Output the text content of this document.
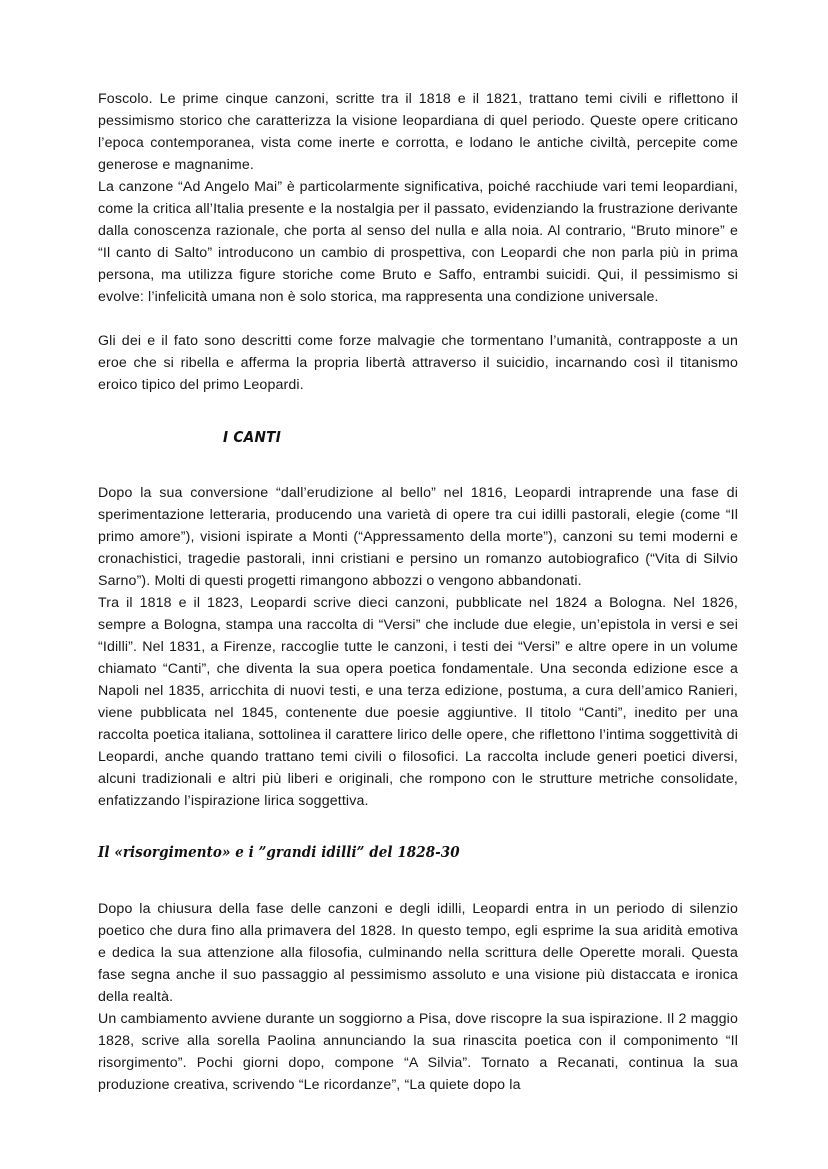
Foscolo. Le prime cinque canzoni, scritte tra il 1818 e il 1821, trattano temi civili e riflettono il pessimismo storico che caratterizza la visione leopardiana di quel periodo. Queste opere criticano l’epoca contemporanea, vista come inerte e corrotta, e lodano le antiche civiltà, percepite come generose e magnanime.

La canzone “Ad Angelo Mai” è particolarmente significativa, poiché racchiude vari temi leopardiani, come la critica all’Italia presente e la nostalgia per il passato, evidenziando la frustrazione derivante dalla conoscenza razionale, che porta al senso del nulla e alla noia. Al contrario, “Bruto minore” e “Il canto di Salto” introducono un cambio di prospettiva, con Leopardi che non parla più in prima persona, ma utilizza figure storiche come Bruto e Saffo, entrambi suicidi. Qui, il pessimismo si evolve: l’infelicità umana non è solo storica, ma rappresenta una condizione universale.

Gli dei e il fato sono descritti come forze malvagie che tormentano l’umanità, contrapposte a un eroe che si ribella e afferma la propria libertà attraverso il suicidio, incarnando così il titanismo eroico tipico del primo Leopardi.

I CANTI

Dopo la sua conversione “dall’erudizione al bello” nel 1816, Leopardi intraprende una fase di sperimentazione letteraria, producendo una varietà di opere tra cui idilli pastorali, elegie (come “Il primo amore”), visioni ispirate a Monti (“Appressamento della morte”), canzoni su temi moderni e cronachistici, tragedie pastorali, inni cristiani e persino un romanzo autobiografico (“Vita di Silvio Sarno”). Molti di questi progetti rimangono abbozzi o vengono abbandonati.

Tra il 1818 e il 1823, Leopardi scrive dieci canzoni, pubblicate nel 1824 a Bologna. Nel 1826, sempre a Bologna, stampa una raccolta di “Versi” che include due elegie, un’epistola in versi e sei “Idilli”. Nel 1831, a Firenze, raccoglie tutte le canzoni, i testi dei “Versi” e altre opere in un volume chiamato “Canti”, che diventa la sua opera poetica fondamentale. Una seconda edizione esce a Napoli nel 1835, arricchita di nuovi testi, e una terza edizione, postuma, a cura dell’amico Ranieri, viene pubblicata nel 1845, contenente due poesie aggiuntive. Il titolo “Canti”, inedito per una raccolta poetica italiana, sottolinea il carattere lirico delle opere, che riflettono l’intima soggettività di Leopardi, anche quando trattano temi civili o filosofici. La raccolta include generi poetici diversi, alcuni tradizionali e altri più liberi e originali, che rompono con le strutture metriche consolidate, enfatizzando l’ispirazione lirica soggettiva.

Il «risorgimento» e i ”grandi idilli” del 1828-30

Dopo la chiusura della fase delle canzoni e degli idilli, Leopardi entra in un periodo di silenzio poetico che dura fino alla primavera del 1828. In questo tempo, egli esprime la sua aridità emotiva e dedica la sua attenzione alla filosofia, culminando nella scrittura delle Operette morali. Questa fase segna anche il suo passaggio al pessimismo assoluto e una visione più distaccata e ironica della realtà.

Un cambiamento avviene durante un soggiorno a Pisa, dove riscopre la sua ispirazione. Il 2 maggio 1828, scrive alla sorella Paolina annunciando la sua rinascita poetica con il componimento “Il risorgimento”. Pochi giorni dopo, compone “A Silvia”. Tornato a Recanati, continua la sua produzione creativa, scrivendo “Le ricordanze”, “La quiete dopo la
